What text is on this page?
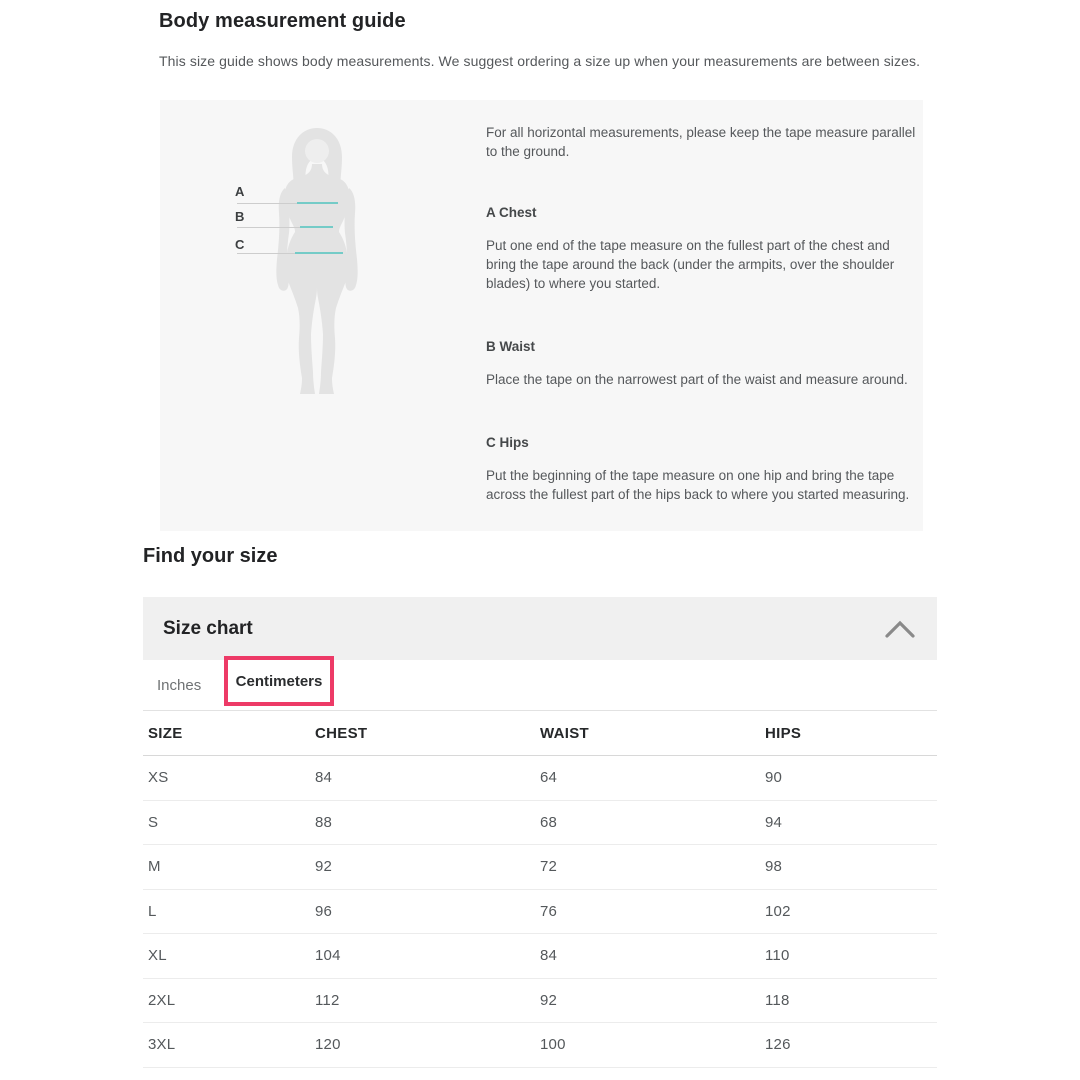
Body measurement guide
This size guide shows body measurements. We suggest ordering a size up when your measurements are between sizes.
A
B
C

For all horizontal measurements, please keep the tape measure parallel to the ground.

A Chest

Put one end of the tape measure on the fullest part of the chest and bring the tape around the back (under the armpits, over the shoulder blades) to where you started.

B Waist

Place the tape on the narrowest part of the waist and measure around.

C Hips

Put the beginning of the tape measure on one hip and bring the tape across the fullest part of the hips back to where you started measuring.

Find your size
Size chart
Inches	Centimeters
SIZE	CHEST	WAIST	HIPS
XS	84	64	90
S	88	68	94
M	92	72	98
L	96	76	102
XL	104	84	110
2XL	112	92	118
3XL	120	100	126
